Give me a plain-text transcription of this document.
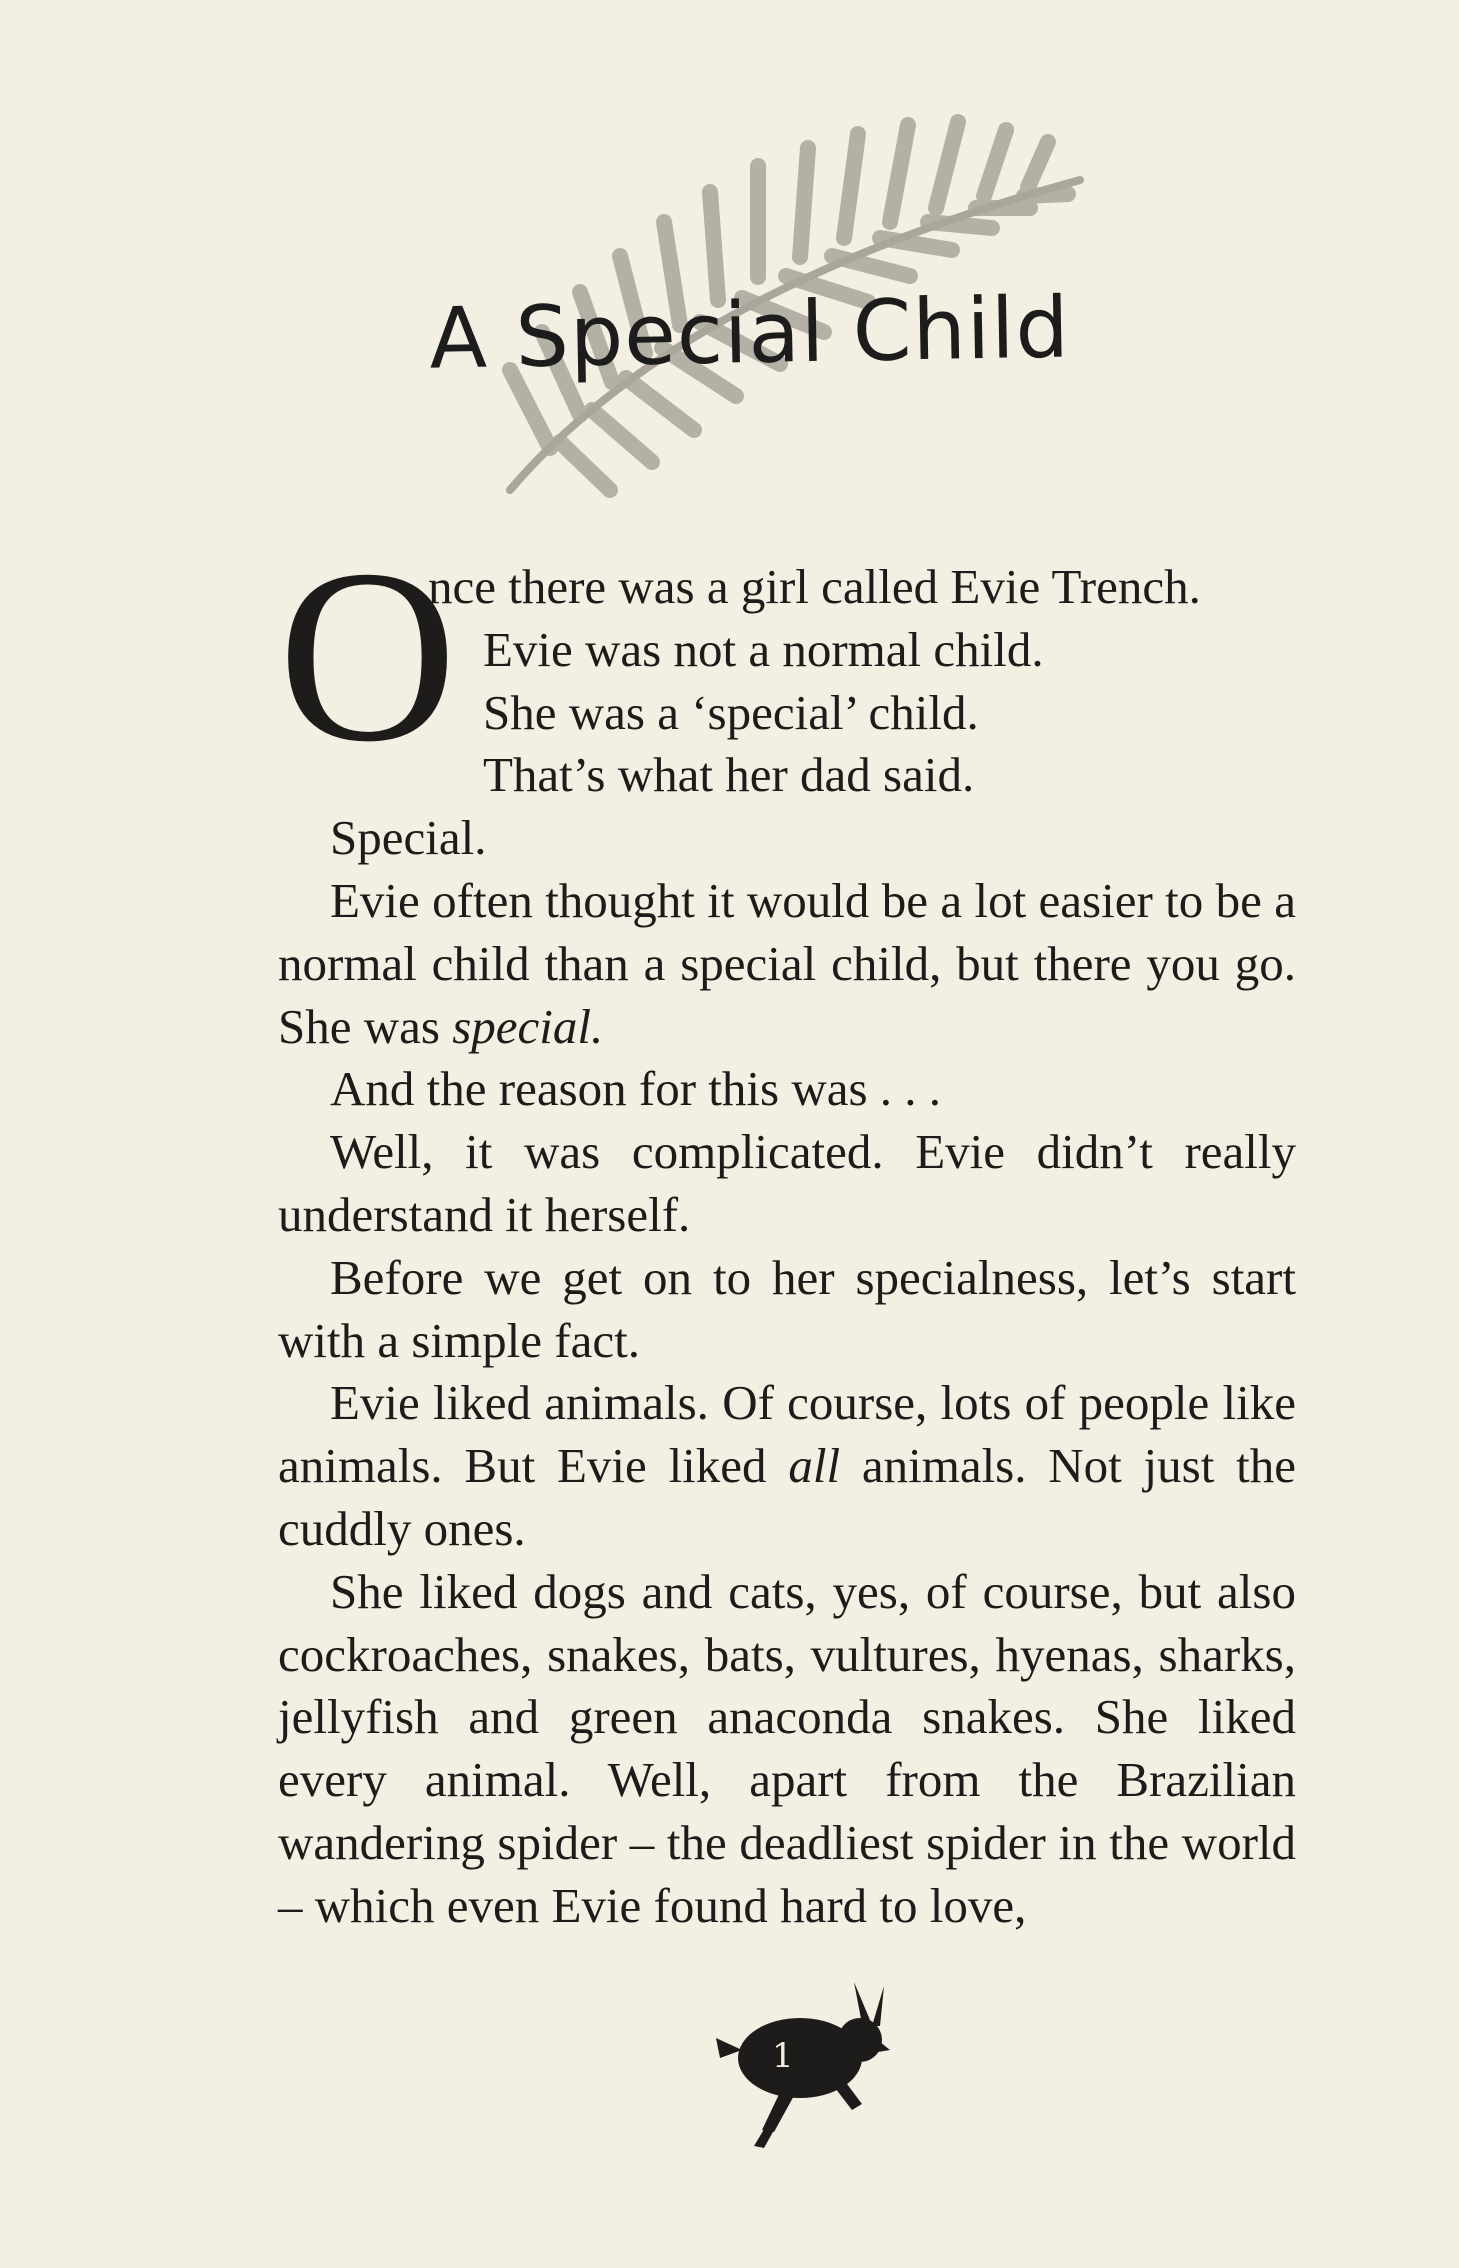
A Special Child
O

nce there was a girl called Evie Trench.

Evie was not a normal child.

She was a ‘special’ child.

That’s what her dad said.

Special.

Evie often thought it would be a lot easier to be a normal child than a special child, but there you go. She was special.

And the reason for this was . . .

Well, it was complicated. Evie didn’t really understand it herself.

Before we get on to her specialness, let’s start with a simple fact.

Evie liked animals. Of course, lots of people like animals. But Evie liked all animals. Not just the cuddly ones.

She liked dogs and cats, yes, of course, but also cockroaches, snakes, bats, vultures, hyenas, sharks, jellyfish and green anaconda snakes. She liked every animal. Well, apart from the Brazilian wandering spider – the deadliest spider in the world – which even Evie found hard to love,

1
